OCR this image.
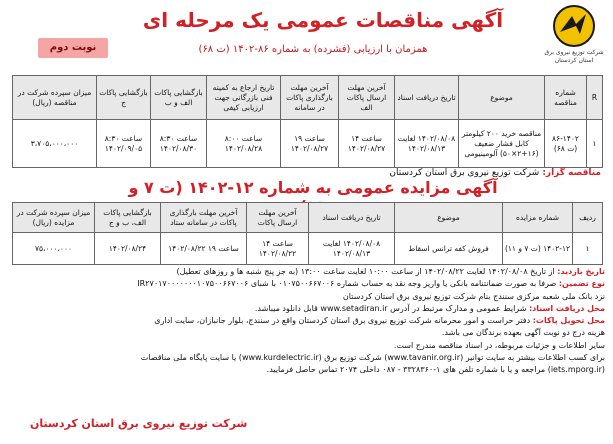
شرکت توزیع نیروی برق استان کردستان
آگهی مناقصات عمومی یک مرحله ای
همزمان با ارزیابی (فشرده) به شماره ۸۶-۱۴۰۲ (ت ۶۸)
نوبت دوم
R	شماره مناقصه	موضوع	تاریخ دریافت اسناد	آخرین مهلت ارسال پاکات الف	آخرین مهلت بارگذاری پاکات در سامانه	تاریخ ارجاع به کمیته فنی بازرگانی جهت ارزیابی کیفی	بازگشایی پاکات الف و ب	بازگشایی پاکات ج	میزان سپرده شرکت در مناقصه (ریال)
۱	۸۶-۱۴۰۲ (ت ۶۸)	مناقصه خرید ۲۰۰ کیلومتر کابل فشار ضعیف (۱۶+۲×۵۰) آلومینیومی	۱۴۰۲/۰۸/۰۸ لغایت ۱۴۰۲/۰۸/۱۳	ساعت ۱۴ ۱۴۰۲/۰۸/۲۷	ساعت ۱۹ ۱۴۰۲/۰۸/۲۷	ساعت ۸:۰۰ ۱۴۰۲/۰۸/۲۸	ساعت ۸:۳۰ ۱۴۰۲/۰۸/۳۰	ساعت ۸:۳۰ ۱۴۰۲/۰۹/۰۵	۳،۷۰۵،۰۰۰،۰۰۰
مناقصه گزار: شرکت توزیع نیروی برق استان کردستان
آگهی مزایده عمومی به شماره ۱۲-۱۴۰۲ (ت ۷ و
ردیف	شماره مزایده	موضوع	تاریخ دریافت اسناد	آخرین مهلت ارسال پاکات	آخرین مهلت بارگذاری پاکات در سامانه ستاد	بازگشایی پاکات الف، ب و ج	میزان سپرده شرکت در مزایده (ریال)
۱	۱۴۰۲-۱۲ (ت ۷ و ۱۱)	فروش کفه ترانس اسقاط	۱۴۰۲/۰۸/۰۸ لغایت ۱۴۰۲/۰۸/۱۳	ساعت ۱۴ ۱۴۰۲/۰۸/۲۲	ساعت ۱۹ ۱۴۰۲/۰۸/۲۲	۱۴۰۲/۰۸/۲۴	۷۵،۰۰۰،۰۰۰

تاریخ بازدید: از تاریخ ۱۴۰۲/۰۸/۰۸ لغایت ۱۴۰۲/۰۸/۲۲ از ساعت ۱۰:۰۰ لغایت ساعت ۱۳:۰۰ (به جز پنج شنبه ها و روزهای تعطیل)

نوع تضمین: صرفا به صورت ضمانتنامه بانکی یا واریز وجه نقد به حساب شماره ۰۱۰۷۵۰۰۶۶۷۰۰۶ با شبای IR۲۷۰۱۷۰۰۰۰۰۰۰۱۰۷۵۰۰۶۶۷۰۰۶

نزد بانک ملی شعبه مرکزی سنندج بنام شرکت توزیع نیروی برق استان کردستان

محل دریافت اسناد: شرایط عمومی و مدارک مرتبط در آدرس www.setadiran.ir قابل دانلود میباشد.

محل تحویل پاکات: دفتر حراست و امور محرمانه شرکت توزیع نیروی برق استان کردستان واقع در سنندج، بلوار جانبازان، سایت اداری

هزینه درج دو نوبت آگهی بعهده برندگان می باشد.

سایر اطلاعات و جزئیات مربوطه، در اسناد مناقصه مندرج است.

برای کسب اطلاعات بیشتر به سایت توانیر (www.tavanir.org.ir) شرکت توزیع برق (www.kurdelectric.ir) یا سایت پایگاه ملی مناقصات

(iets.mporg.ir) مراجعه و یا با شماره تلفن های ۱-۳۳۲۸۳۶۰ - ۰۸۷ داخلی ۲۰۷۴ تماس حاصل فرمایید.

شرکت توزیع نیروی برق استان کردستان
